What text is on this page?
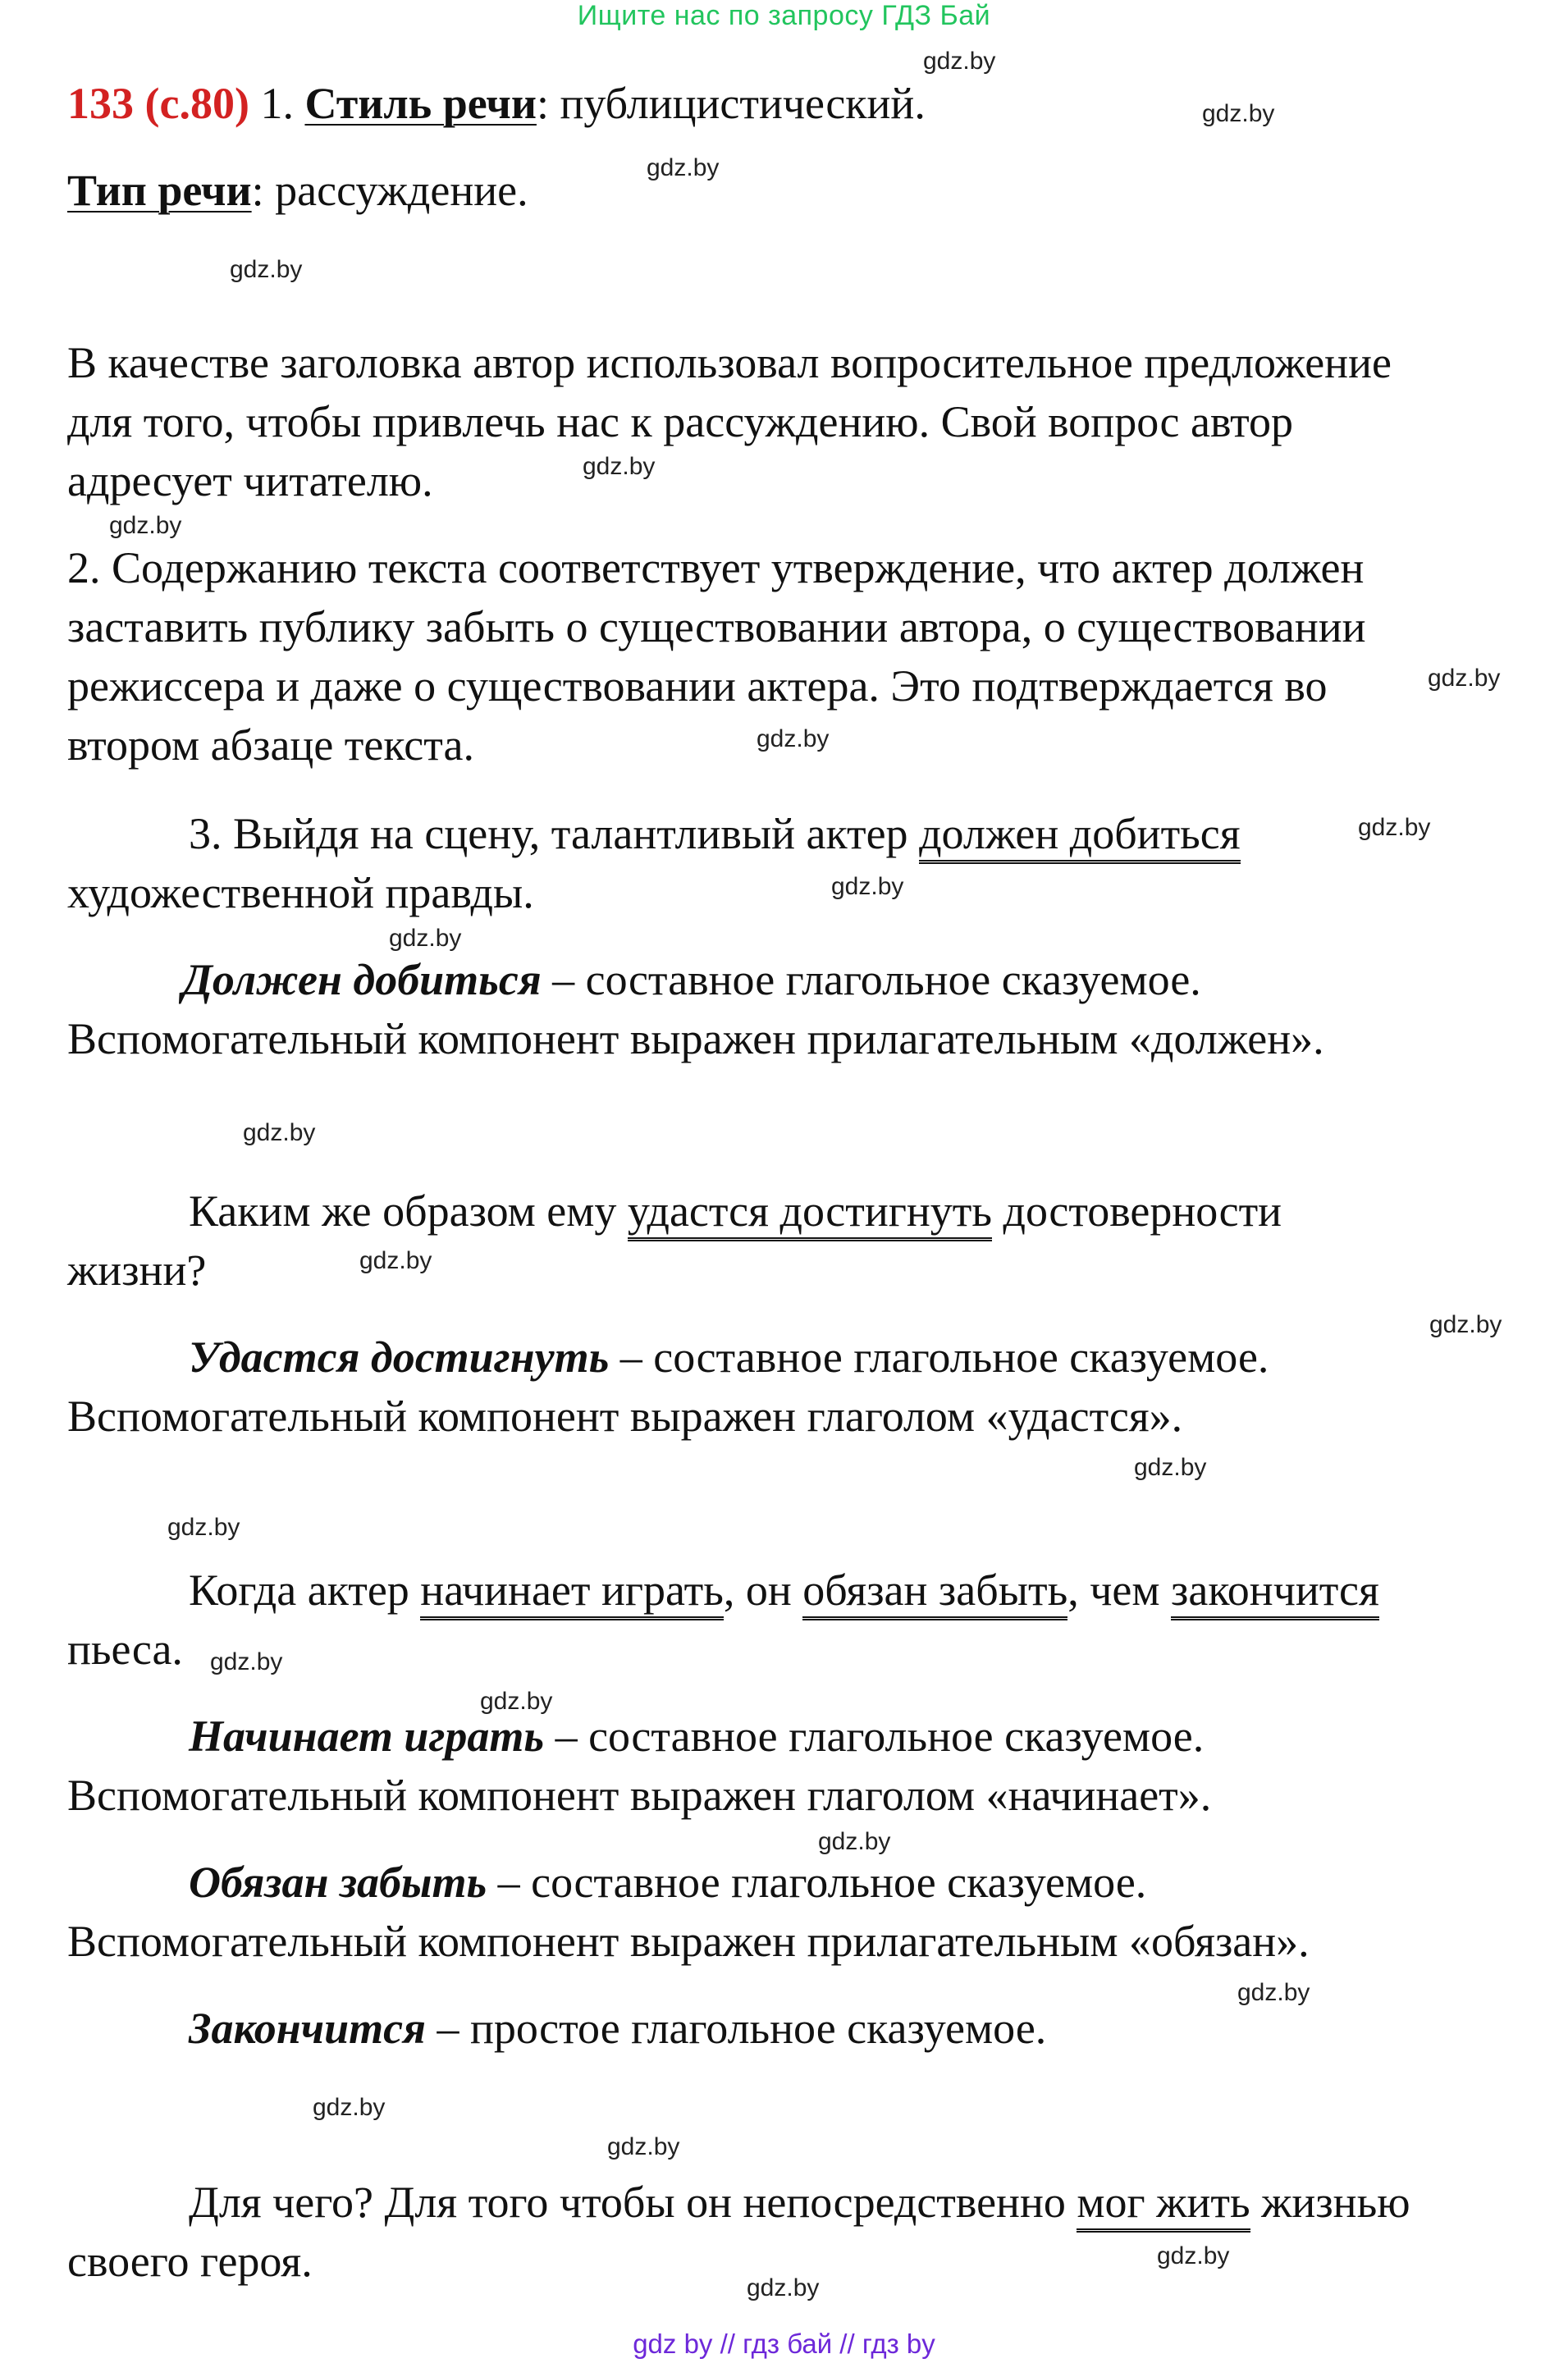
Ищите нас по запросу ГДЗ Бай
gdz.by
gdz.by
gdz.by
gdz.by
gdz.by
gdz.by
gdz.by
gdz.by
gdz.by
gdz.by
gdz.by
gdz.by
gdz.by
gdz.by
gdz.by
gdz.by
gdz.by
gdz.by
gdz.by
gdz.by
gdz.by
gdz.by
gdz.by
gdz.by
133 (с.80) 1. Стиль речи: публицистический.
Тип речи: рассуждение.
В качестве заголовка автор использовал вопросительное предложение
для того, чтобы привлечь нас к рассуждению. Свой вопрос автор
адресует читателю.
2. Содержанию текста соответствует утверждение, что актер должен
заставить публику забыть о существовании автора, о существовании
режиссера и даже о существовании актера. Это подтверждается во
втором абзаце текста.
3. Выйдя на сцену, талантливый актер должен добиться
художественной правды.
Должен добиться – составное глагольное сказуемое.
Вспомогательный компонент выражен прилагательным «должен».
Каким же образом ему удастся достигнуть достоверности
жизни?
Удастся достигнуть – составное глагольное сказуемое.
Вспомогательный компонент выражен глаголом «удастся».
Когда актер начинает играть, он обязан забыть, чем закончится
пьеса.
Начинает играть – составное глагольное сказуемое.
Вспомогательный компонент выражен глаголом «начинает».
Обязан забыть – составное глагольное сказуемое.
Вспомогательный компонент выражен прилагательным «обязан».
Закончится – простое глагольное сказуемое.
Для чего? Для того чтобы он непосредственно мог жить жизнью
своего героя.
gdz by // гдз бай // гдз by
